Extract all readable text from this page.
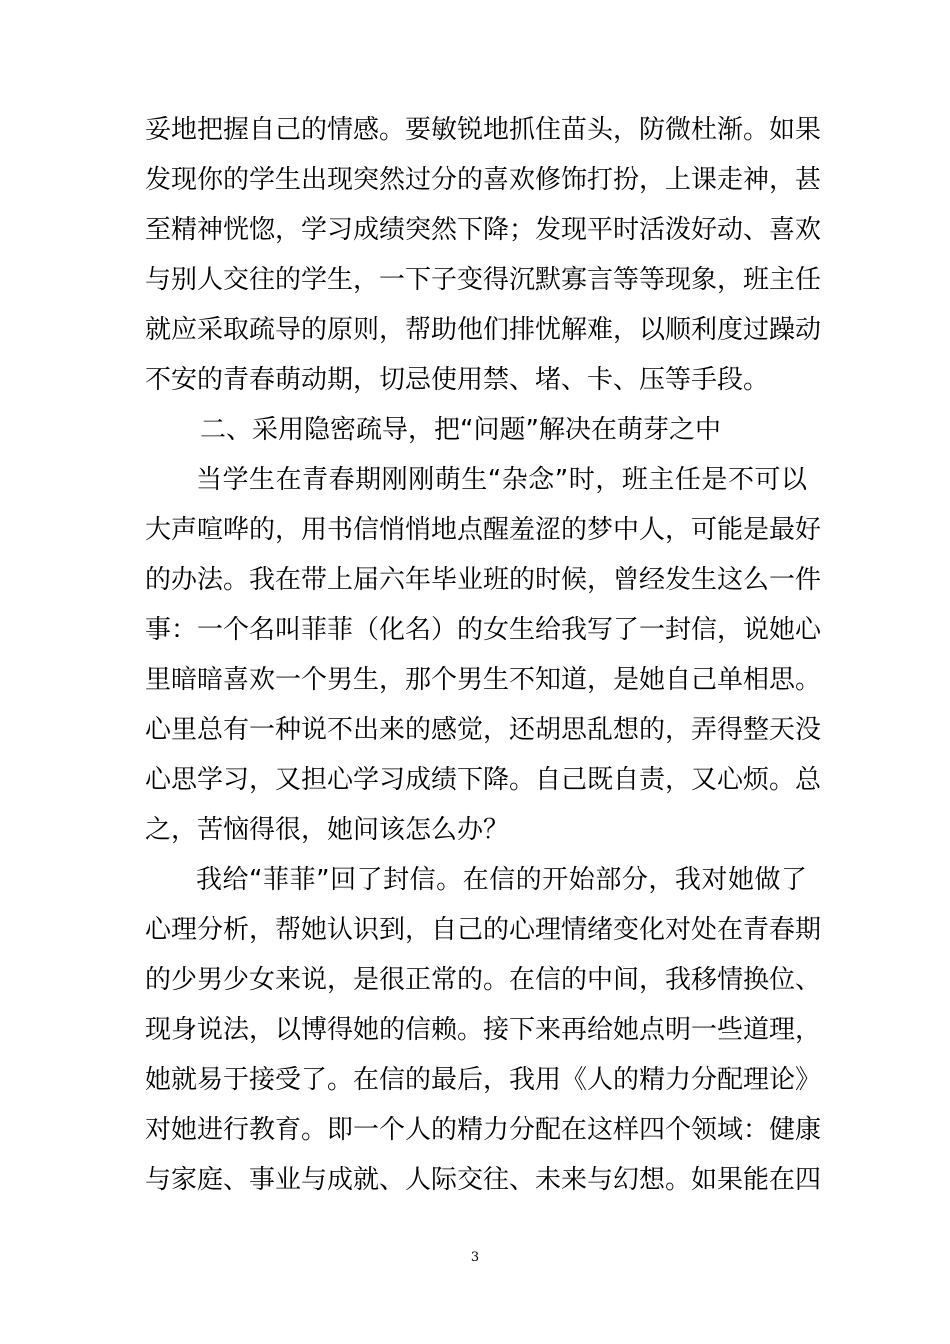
妥地把握自己的情感。要敏锐地抓住苗头，防微杜渐。如果
发现你的学生出现突然过分的喜欢修饰打扮，上课走神，甚
至精神恍惚，学习成绩突然下降；发现平时活泼好动、喜欢
与别人交往的学生，一下子变得沉默寡言等等现象，班主任
就应采取疏导的原则，帮助他们排忧解难，以顺利度过躁动
不安的青春萌动期，切忌使用禁、堵、卡、压等手段。
二、采用隐密疏导，把“问题”解决在萌芽之中
当学生在青春期刚刚萌生“杂念”时，班主任是不可以
大声喧哗的，用书信悄悄地点醒羞涩的梦中人，可能是最好
的办法。我在带上届六年毕业班的时候，曾经发生这么一件
事：一个名叫菲菲（化名）的女生给我写了一封信，说她心
里暗暗喜欢一个男生，那个男生不知道，是她自己单相思。
心里总有一种说不出来的感觉，还胡思乱想的，弄得整天没
心思学习，又担心学习成绩下降。自己既自责，又心烦。总
之，苦恼得很，她问该怎么办？
我给“菲菲”回了封信。在信的开始部分，我对她做了
心理分析，帮她认识到，自己的心理情绪变化对处在青春期
的少男少女来说，是很正常的。在信的中间，我移情换位、
现身说法，以博得她的信赖。接下来再给她点明一些道理，
她就易于接受了。在信的最后，我用《人的精力分配理论》
对她进行教育。即一个人的精力分配在这样四个领域：健康
与家庭、事业与成就、人际交往、未来与幻想。如果能在四
3
